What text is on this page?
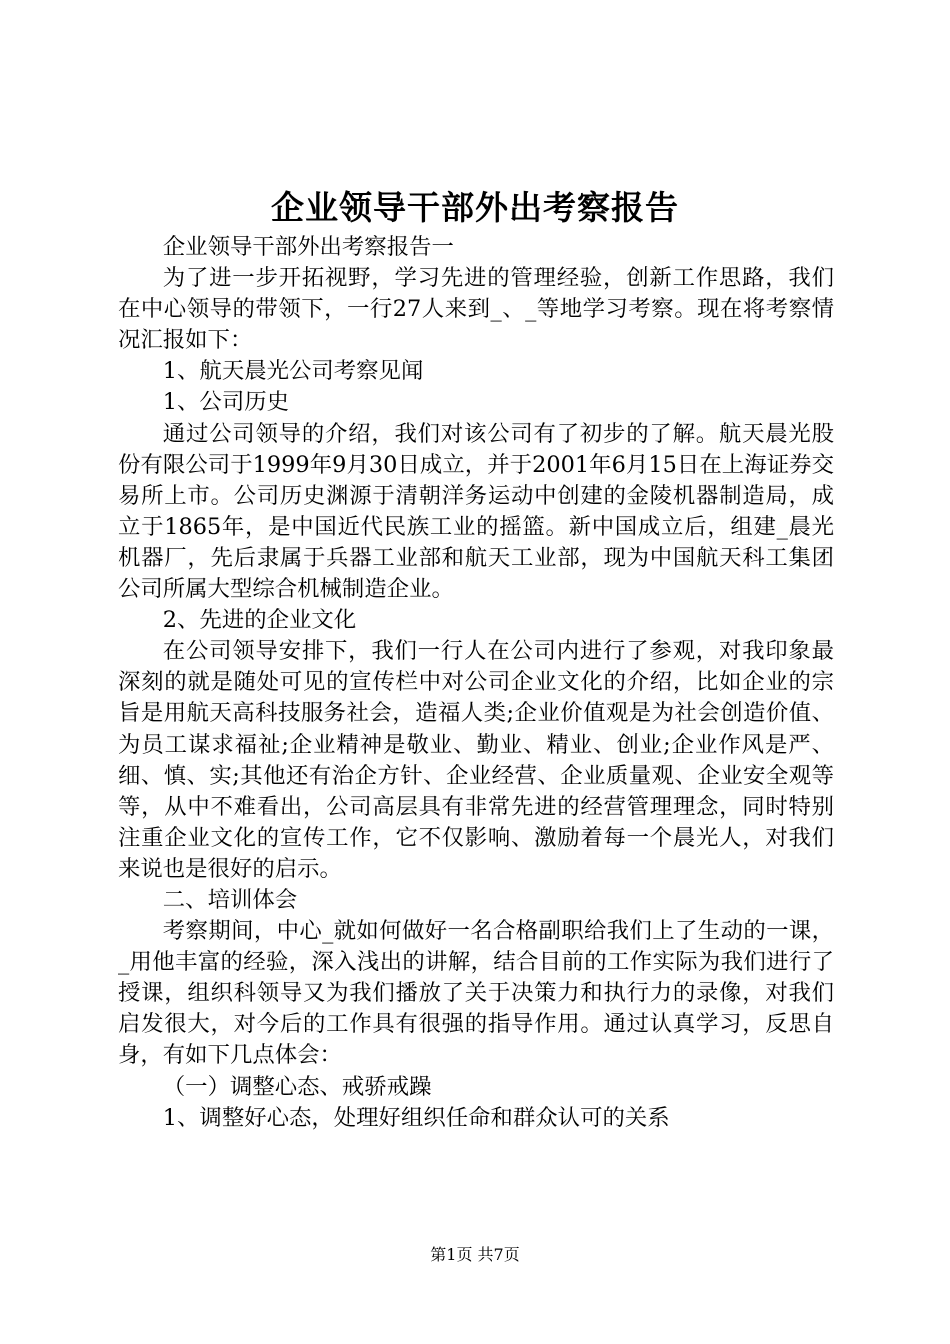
企业领导干部外出考察报告

企业领导干部外出考察报告一

为了进一步开拓视野，学习先进的管理经验，创新工作思路，我们在中心领导的带领下，一行27人来到_、_等地学习考察。现在将考察情况汇报如下：

1、航天晨光公司考察见闻

1、公司历史

通过公司领导的介绍，我们对该公司有了初步的了解。航天晨光股份有限公司于1999年9月30日成立，并于2001年6月15日在上海证券交易所上市。公司历史渊源于清朝洋务运动中创建的金陵机器制造局，成立于1865年，是中国近代民族工业的摇篮。新中国成立后，组建_晨光机器厂，先后隶属于兵器工业部和航天工业部，现为中国航天科工集团公司所属大型综合机械制造企业。

2、先进的企业文化

在公司领导安排下，我们一行人在公司内进行了参观，对我印象最深刻的就是随处可见的宣传栏中对公司企业文化的介绍，比如企业的宗旨是用航天高科技服务社会，造福人类;企业价值观是为社会创造价值、为员工谋求福祉;企业精神是敬业、勤业、精业、创业;企业作风是严、细、慎、实;其他还有治企方针、企业经营、企业质量观、企业安全观等等，从中不难看出，公司高层具有非常先进的经营管理理念，同时特别注重企业文化的宣传工作，它不仅影响、激励着每一个晨光人，对我们来说也是很好的启示。

二、培训体会

考察期间，中心_就如何做好一名合格副职给我们上了生动的一课，_用他丰富的经验，深入浅出的讲解，结合目前的工作实际为我们进行了授课，组织科领导又为我们播放了关于决策力和执行力的录像，对我们启发很大，对今后的工作具有很强的指导作用。通过认真学习，反思自身，有如下几点体会：

（一）调整心态、戒骄戒躁

1、调整好心态，处理好组织任命和群众认可的关系

第1页 共7页
